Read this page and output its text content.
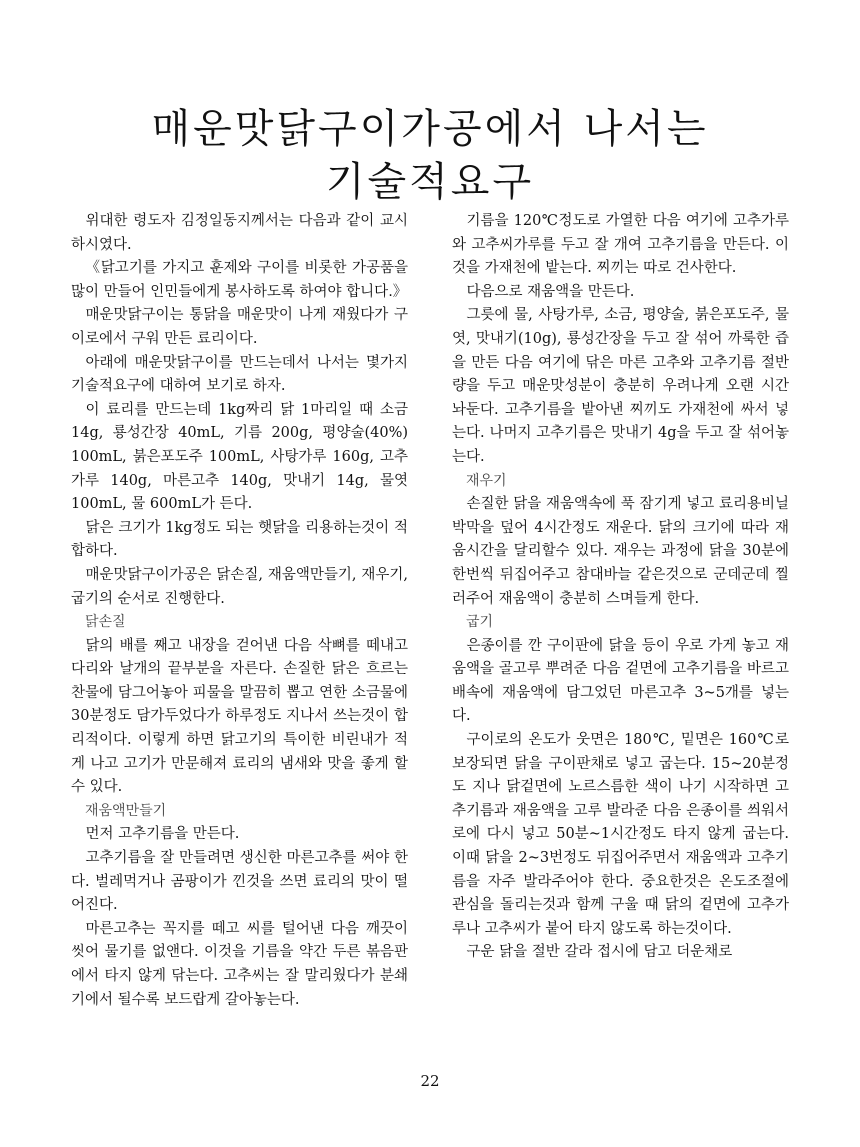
매운맛닭구이가공에서 나서는
기술적요구

위대한 령도자 김정일동지께서는 다음과 같이 교시하시였다.

《닭고기를 가지고 훈제와 구이를 비롯한 가공품을 많이 만들어 인민들에게 봉사하도록 하여야 합니다.》

매운맛닭구이는 통닭을 매운맛이 나게 재웠다가 구이로에서 구워 만든 료리이다.

아래에 매운맛닭구이를 만드는데서 나서는 몇가지 기술적요구에 대하여 보기로 하자.

이 료리를 만드는데 1kg짜리 닭 1마리일 때 소금 14g, 룡성간장 40mL, 기름 200g, 평양술(40%) 100mL, 붉은포도주 100mL, 사탕가루 160g, 고추가루 140g, 마른고추 140g, 맛내기 14g, 물엿 100mL, 물 600mL가 든다.

닭은 크기가 1kg정도 되는 햇닭을 리용하는것이 적합하다.

매운맛닭구이가공은 닭손질, 재움액만들기, 재우기, 굽기의 순서로 진행한다.

닭손질

닭의 배를 째고 내장을 걷어낸 다음 삭뼈를 떼내고 다리와 날개의 끝부분을 자른다. 손질한 닭은 흐르는 찬물에 담그어놓아 피물을 말끔히 뽑고 연한 소금물에 30분정도 담가두었다가 하루정도 지나서 쓰는것이 합리적이다. 이렇게 하면 닭고기의 특이한 비린내가 적게 나고 고기가 만문해져 료리의 냄새와 맛을 좋게 할수 있다.

재움액만들기

먼저 고추기름을 만든다.

고추기름을 잘 만들려면 생신한 마른고추를 써야 한다. 벌레먹거나 곰팡이가 낀것을 쓰면 료리의 맛이 떨어진다.

마른고추는 꼭지를 떼고 씨를 털어낸 다음 깨끗이 씻어 물기를 없앤다. 이것을 기름을 약간 두른 볶음판에서 타지 않게 닦는다. 고추씨는 잘 말리웠다가 분쇄기에서 될수록 보드랍게 갈아놓는다.

기름을 120℃정도로 가열한 다음 여기에 고추가루와 고추씨가루를 두고 잘 개여 고추기름을 만든다. 이것을 가재천에 밭는다. 찌끼는 따로 건사한다.

다음으로 재움액을 만든다.

그릇에 물, 사탕가루, 소금, 평양술, 붉은포도주, 물엿, 맛내기(10g), 룡성간장을 두고 잘 섞어 까룩한 즙을 만든 다음 여기에 닦은 마른 고추와 고추기름 절반량을 두고 매운맛성분이 충분히 우려나게 오랜 시간 놔둔다. 고추기름을 밭아낸 찌끼도 가재천에 싸서 넣는다. 나머지 고추기름은 맛내기 4g을 두고 잘 섞어놓는다.

재우기

손질한 닭을 재움액속에 푹 잠기게 넣고 료리용비닐박막을 덮어 4시간정도 재운다. 닭의 크기에 따라 재움시간을 달리할수 있다. 재우는 과정에 닭을 30분에 한번씩 뒤집어주고 참대바늘 같은것으로 군데군데 찔러주어 재움액이 충분히 스며들게 한다.

굽기

은종이를 깐 구이판에 닭을 등이 우로 가게 놓고 재움액을 골고루 뿌려준 다음 겉면에 고추기름을 바르고 배속에 재움액에 담그었던 마른고추 3~5개를 넣는다.

구이로의 온도가 웃면은 180℃, 밑면은 160℃로 보장되면 닭을 구이판채로 넣고 굽는다. 15~20분정도 지나 닭겉면에 노르스름한 색이 나기 시작하면 고추기름과 재움액을 고루 발라준 다음 은종이를 씌워서 로에 다시 넣고 50분~1시간정도 타지 않게 굽는다. 이때 닭을 2~3번정도 뒤집어주면서 재움액과 고추기름을 자주 발라주어야 한다. 중요한것은 온도조절에 관심을 돌리는것과 함께 구울 때 닭의 겉면에 고추가루나 고추씨가 붙어 타지 않도록 하는것이다.

구운 닭을 절반 갈라 접시에 담고 더운채로

22
